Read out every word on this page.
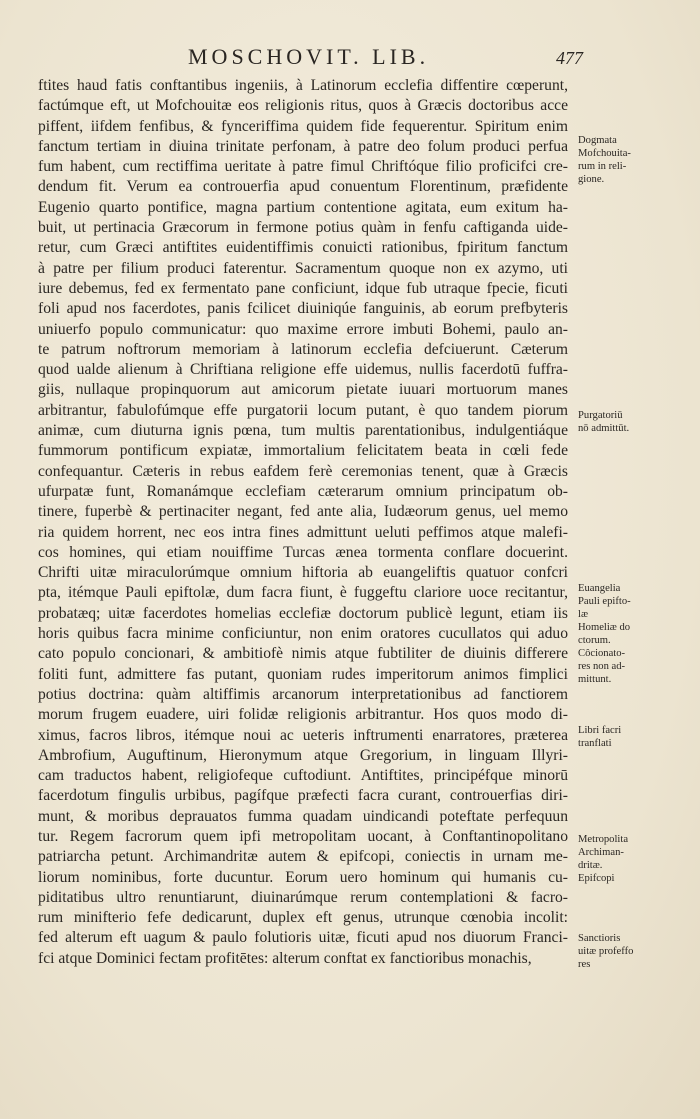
MOSCHOVIT. LIB.	477
ftites haud fatis conftantibus ingeniis, à Latinorum ecclefia diffentire cœperunt,
factúmque eft, ut Mofchouitæ eos religionis ritus, quos à Græcis doctoribus acce
piffent, iifdem fenfibus, & fynceriffima quidem fide fequerentur. Spiritum enim
fanctum tertiam in diuina trinitate perfonam, à patre deo folum produci perfua
fum habent, cum rectiffima ueritate à patre fimul Chriftóque filio proficifci cre-
dendum fit. Verum ea controuerfia apud conuentum Florentinum, præfidente
Eugenio quarto pontifice, magna partium contentione agitata, eum exitum ha-
buit, ut pertinacia Græcorum in fermone potius quàm in fenfu caftiganda uide-
retur, cum Græci antiftites euidentiffimis conuicti rationibus, fpiritum fanctum
à patre per filium produci faterentur. Sacramentum quoque non ex azymo, uti
iure debemus, fed ex fermentato pane conficiunt, idque fub utraque fpecie, ficuti
foli apud nos facerdotes, panis fcilicet diuiniqúe fanguinis, ab eorum prefbyteris
uniuerfo populo communicatur: quo maxime errore imbuti Bohemi, paulo an-
te patrum noftrorum memoriam à latinorum ecclefia defciuerunt. Cæterum
quod ualde alienum à Chriftiana religione effe uidemus, nullis facerdotū fuffra-
giis, nullaque propinquorum aut amicorum pietate iuuari mortuorum manes
arbitrantur, fabulofúmque effe purgatorii locum putant, è quo tandem piorum
animæ, cum diuturna ignis pœna, tum multis parentationibus, indulgentiáque
fummorum pontificum expiatæ, immortalium felicitatem beata in cœli fede
confequantur. Cæteris in rebus eafdem ferè ceremonias tenent, quæ à Græcis
ufurpatæ funt, Romanámque ecclefiam cæterarum omnium principatum ob-
tinere, fuperbè & pertinaciter negant, fed ante alia, Iudæorum genus, uel memo
ria quidem horrent, nec eos intra fines admittunt ueluti peffimos atque malefi-
cos homines, qui etiam nouiffime Turcas ænea tormenta conflare docuerint.
Chrifti uitæ miraculorúmque omnium hiftoria ab euangeliftis quatuor confcri
pta, itémque Pauli epiftolæ, dum facra fiunt, è fuggeftu clariore uoce recitantur,
probatæq; uitæ facerdotes homelias ecclefiæ doctorum publicè legunt, etiam iis
horis quibus facra minime conficiuntur, non enim oratores cucullatos qui aduo
cato populo concionari, & ambitiofè nimis atque fubtiliter de diuinis differere
foliti funt, admittere fas putant, quoniam rudes imperitorum animos fimplici
potius doctrina: quàm altiffimis arcanorum interpretationibus ad fanctiorem
morum frugem euadere, uiri folidæ religionis arbitrantur. Hos quos modo di-
ximus, facros libros, itémque noui ac ueteris inftrumenti enarratores, præterea
Ambrofium, Auguftinum, Hieronymum atque Gregorium, in linguam Illyri-
cam traductos habent, religiofeque cuftodiunt. Antiftites, principéfque minorū
facerdotum fingulis urbibus, pagífque præfecti facra curant, controuerfias diri-
munt, & moribus deprauatos fumma quadam uindicandi poteftate perfequun
tur. Regem facrorum quem ipfi metropolitam uocant, à Conftantinopolitano
patriarcha petunt. Archimandritæ autem & epifcopi, coniectis in urnam me-
liorum nominibus, forte ducuntur. Eorum uero hominum qui humanis cu-
piditatibus ultro renuntiarunt, diuinarúmque rerum contemplationi & facro-
rum minifterio fefe dedicarunt, duplex eft genus, utrunque cœnobia incolit:
fed alterum eft uagum & paulo folutioris uitæ, ficuti apud nos diuorum Franci-
fci atque Dominici fectam profitētes: alterum conftat ex fanctioribus monachis,
Dogmata
Mofchouita-
rum in reli-
gione.
Purgatoriū
nō admittūt.
Euangelia
Pauli epifto-
læ
Homeliæ do
ctorum.
Côcionato-
res non ad-
mittunt.
Libri facri
tranflati
Metropolita
Archiman-
dritæ.
Epifcopi
Sanctioris
uitæ profeffo
res
